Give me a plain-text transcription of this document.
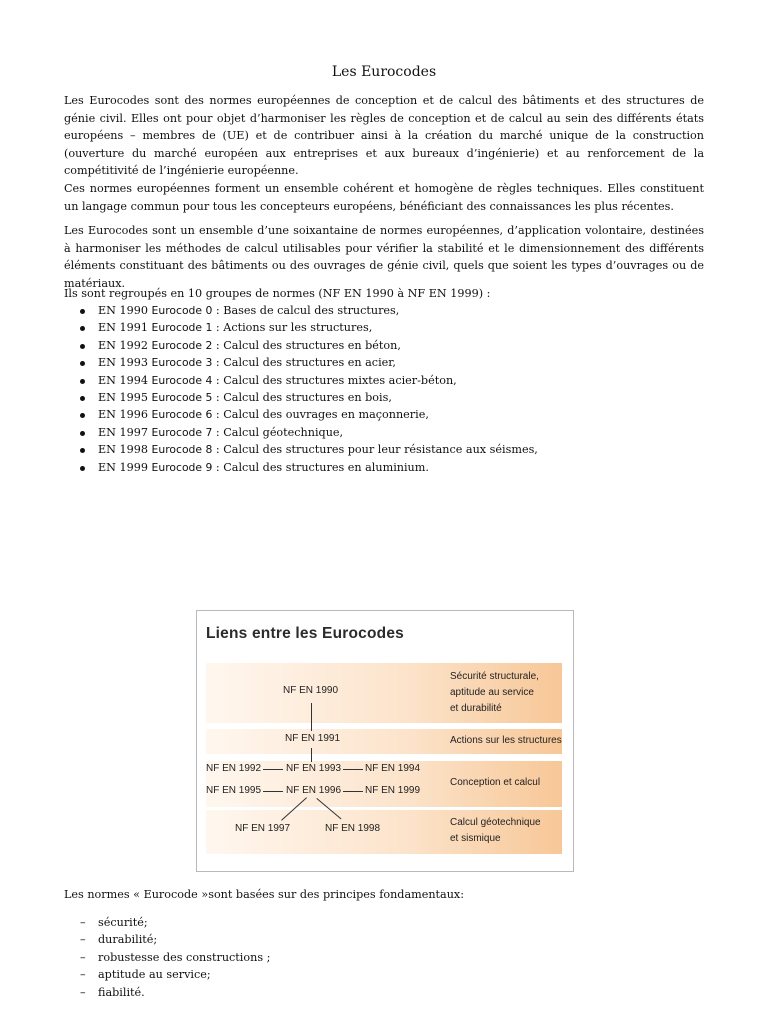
Les Eurocodes

Les Eurocodes sont des normes européennes de conception et de calcul des bâtiments et des structures de génie civil. Elles ont pour objet d’harmoniser les règles de conception et de calcul au sein des différents états européens – membres de (UE) et de contribuer ainsi à la création du marché unique de la construction (ouverture du marché européen aux entreprises et aux bureaux d’ingénierie) et au renforcement de la compétitivité de l’ingénierie européenne.

Ces normes européennes forment un ensemble cohérent et homogène de règles techniques. Elles constituent un langage commun pour tous les concepteurs européens, bénéficiant des connaissances les plus récentes.

Les Eurocodes sont un ensemble d’une soixantaine de normes européennes, d’application volontaire, destinées à harmoniser les méthodes de calcul utilisables pour vérifier la stabilité et le dimensionnement des différents éléments constituant des bâtiments ou des ouvrages de génie civil, quels que soient les types d’ouvrages ou de matériaux.

Ils sont regroupés en 10 groupes de normes (NF EN 1990 à NF EN 1999) :
EN 1990 Eurocode 0 : Bases de calcul des structures,
EN 1991 Eurocode 1 : Actions sur les structures,
EN 1992 Eurocode 2 : Calcul des structures en béton,
EN 1993 Eurocode 3 : Calcul des structures en acier,
EN 1994 Eurocode 4 : Calcul des structures mixtes acier-béton,
EN 1995 Eurocode 5 : Calcul des structures en bois,
EN 1996 Eurocode 6 : Calcul des ouvrages en maçonnerie,
EN 1997 Eurocode 7 : Calcul géotechnique,
EN 1998 Eurocode 8 : Calcul des structures pour leur résistance aux séismes,
EN 1999 Eurocode 9 : Calcul des structures en aluminium.
Liens entre les Eurocodes
Sécurité structurale,
aptitude au service
et durabilité
Actions sur les structures
Conception et calcul
Calcul géotechnique
et sismique
NF EN 1990
NF EN 1991
NF EN 1992 NF EN 1993 NF EN 1994
NF EN 1995 NF EN 1996 NF EN 1999
NF EN 1997	NF EN 1998
Les normes « Eurocode »sont basées sur des principes fondamentaux:
– sécurité;
– durabilité;
– robustesse des constructions ;
– aptitude au service;
– fiabilité.
